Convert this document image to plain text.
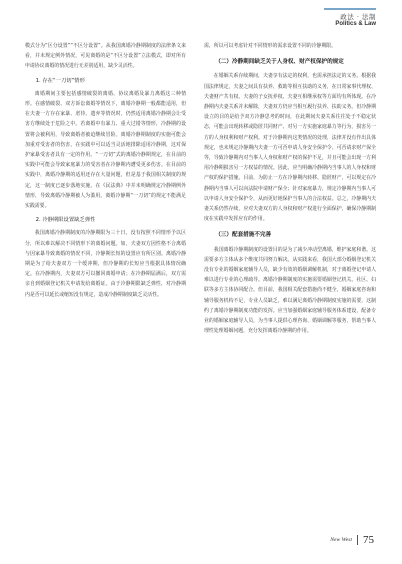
政法 · 法制
Politics & Law

模式分为“区分设置”“不区分设置”。从我国离婚冷静期制度的法律条文来看，并未规定例外情况，可见离婚的是“不区分设置”立法模式，即对所有申请协议离婚的情况进行无差别适用，缺少灵活性。

1. 存在“一刀切”情形

离婚期间主要包括感情破裂的离婚、协议离婚及暴力离婚这三种情形。在感情破裂、双方诉讼离婚等情况下，离婚冷静期一般都能适用，但在夫妻一方存在家暴、虐待、遗弃等情况时，仍然适用离婚冷静期会让受害方继续处于危险之中。若离婚中有暴力、重大过错等情形，冷静期的设置将会被利用，导致离婚者被迫继续冒险。离婚冷静期制度的实施可能会加重对受害者的伤害，在实践中可以适当灵活地排除适用冷静期，这对保护家暴受害者具有一定的作用。“一刀切”式的离婚冷静期规定，在目前的实践中可能会导致家庭暴力的受害者在冷静期内遭受更多伤害。在目前的实践中，离婚冷静期的适用还存在大量问题，但是基于我国相关制度的规定，这一制度已逐步落地实施。在《民法典》中并未明确规定冷静期例外情形，导致离婚冷静期被人为滥用。离婚冷静期“一刀切”的规定不能满足实践需要。

2. 冷静期限设置缺乏弹性

我国离婚冷静期制度的冷静期限为三十日，没有按照不同情形予以区分，所以难以解决不同情形下的离婚问题。如，夫妻双方因性格不合离婚与因家暴导致离婚的情况不同，冷静期长短的设置应有所区别。离婚冷静期是为了给夫妻双方一个缓冲期，但冷静期的长短应当根据具体情况确定。在冷静期内，夫妻双方可以撤回离婚申请；在冷静期届满后，双方需亲自到婚姻登记机关申请发给离婚证。由于冷静期限缺乏弹性，对冷静期内是否可以延长或缩短没有规定，造成冷静期制度缺乏灵活性。

需，所以可以考虑针对不同情形的需求设置不同的冷静期限。

（二）冷静期间缺乏关于人身权、财产权保护的规定

在婚姻关系存续期间，夫妻享有法定的权利，也需承担法定的义务。根据我国法律规定，夫妻之间具有扶养、救助等相互扶助的义务，在日常家事代理权、夫妻财产共有权、夫妻的子女抚养权、夫妻互相继承权等方面均有所体现。在冷静期内夫妻关系并未解除，夫妻双方仍应当相互履行扶养、扶助义务。但冷静期设立的目的是给予双方冷静思考的时间，在此期间夫妻关系往往处于不稳定状态，可能会出现转移或隐匿共同财产、对另一方实施家庭暴力等行为，损害另一方的人身权利和财产权利。对于冷静期内这类情况的处理，法律并没有作出具体规定，也未规定冷静期内夫妻一方可否申请人身安全保护令、可否请求财产保全等，导致冷静期内对当事人人身权和财产权的保护不足，并且可能会出现一方利用冷静期损害另一方权益的情况。因此，应当明确冷静期内当事人的人身权和财产权的保护措施。目前，为防止一方在冷静期内转移、隐匿财产，可以规定在冷静期内当事人可以向法院申请财产保全；针对家庭暴力，规定冷静期内当事人可以申请人身安全保护令，从而更好地保护当事人的合法权益。总之，冷静期内夫妻关系仍然存续，应对夫妻双方的人身权和财产权进行全面保护，确保冷静期制度在实践中发挥应有的作用。

（三）配套措施不完善

我国离婚冷静期制度的设置目的是为了减少冲动型离婚，维护家庭和谐。这需要多方主体从多个维度共同努力解决。从实践来看，我国大部分婚姻登记机关没有专业的婚姻家庭辅导人员，缺少有效的婚姻调解机制，对于离婚登记申请人难以进行专业的心理疏导。离婚冷静期制度的实施需要婚姻登记机关、社区、妇联等多方主体协同配合。但目前，我国相关配套措施尚不健全，婚姻家庭咨询和辅导服务机构不足，专业人员缺乏，难以满足离婚冷静期制度实施的需要，这制约了离婚冷静期制度功能的发挥。应当加强婚姻家庭辅导服务体系建设，配备专业的婚姻家庭辅导人员，为当事人提供心理咨询、婚姻调解等服务，帮助当事人理性处理婚姻问题，充分发挥离婚冷静期的作用。

New West 75
